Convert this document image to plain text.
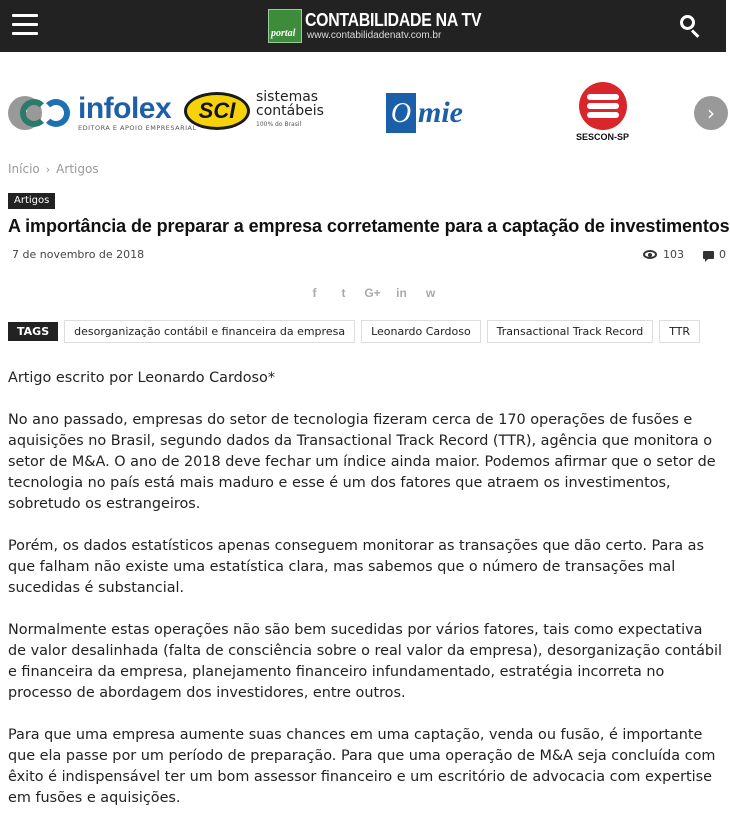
portal
CONTABILIDADE NA TV
www.contabilidadenatv.com.br
‹	infolex
EDITORA E APOIO EMPRESARIAL
SCI
sistemas
contábeis
100% do Brasil	O mie
SESCON-SP
›
Início › Artigos
Artigos
A importância de preparar a empresa corretamente para a captação de investimentos
7 de novembro de 2018	103	0
f	t	G+	in	w
TAGS	desorganização contábil e financeira da empresa	Leonardo Cardoso	Transactional Track Record	TTR

Artigo escrito por Leonardo Cardoso*

No ano passado, empresas do setor de tecnologia fizeram cerca de 170 operações de fusões e aquisições no Brasil, segundo dados da Transactional Track Record (TTR), agência que monitora o setor de M&A. O ano de 2018 deve fechar um índice ainda maior. Podemos afirmar que o setor de tecnologia no país está mais maduro e esse é um dos fatores que atraem os investimentos, sobretudo os estrangeiros.

Porém, os dados estatísticos apenas conseguem monitorar as transações que dão certo. Para as que falham não existe uma estatística clara, mas sabemos que o número de transações mal sucedidas é substancial.

Normalmente estas operações não são bem sucedidas por vários fatores, tais como expectativa de valor desalinhada (falta de consciência sobre o real valor da empresa), desorganização contábil e financeira da empresa, planejamento financeiro infundamentado, estratégia incorreta no processo de abordagem dos investidores, entre outros.

Para que uma empresa aumente suas chances em uma captação, venda ou fusão, é importante que ela passe por um período de preparação. Para que uma operação de M&A seja concluída com êxito é indispensável ter um bom assessor financeiro e um escritório de advocacia com expertise em fusões e aquisições.
